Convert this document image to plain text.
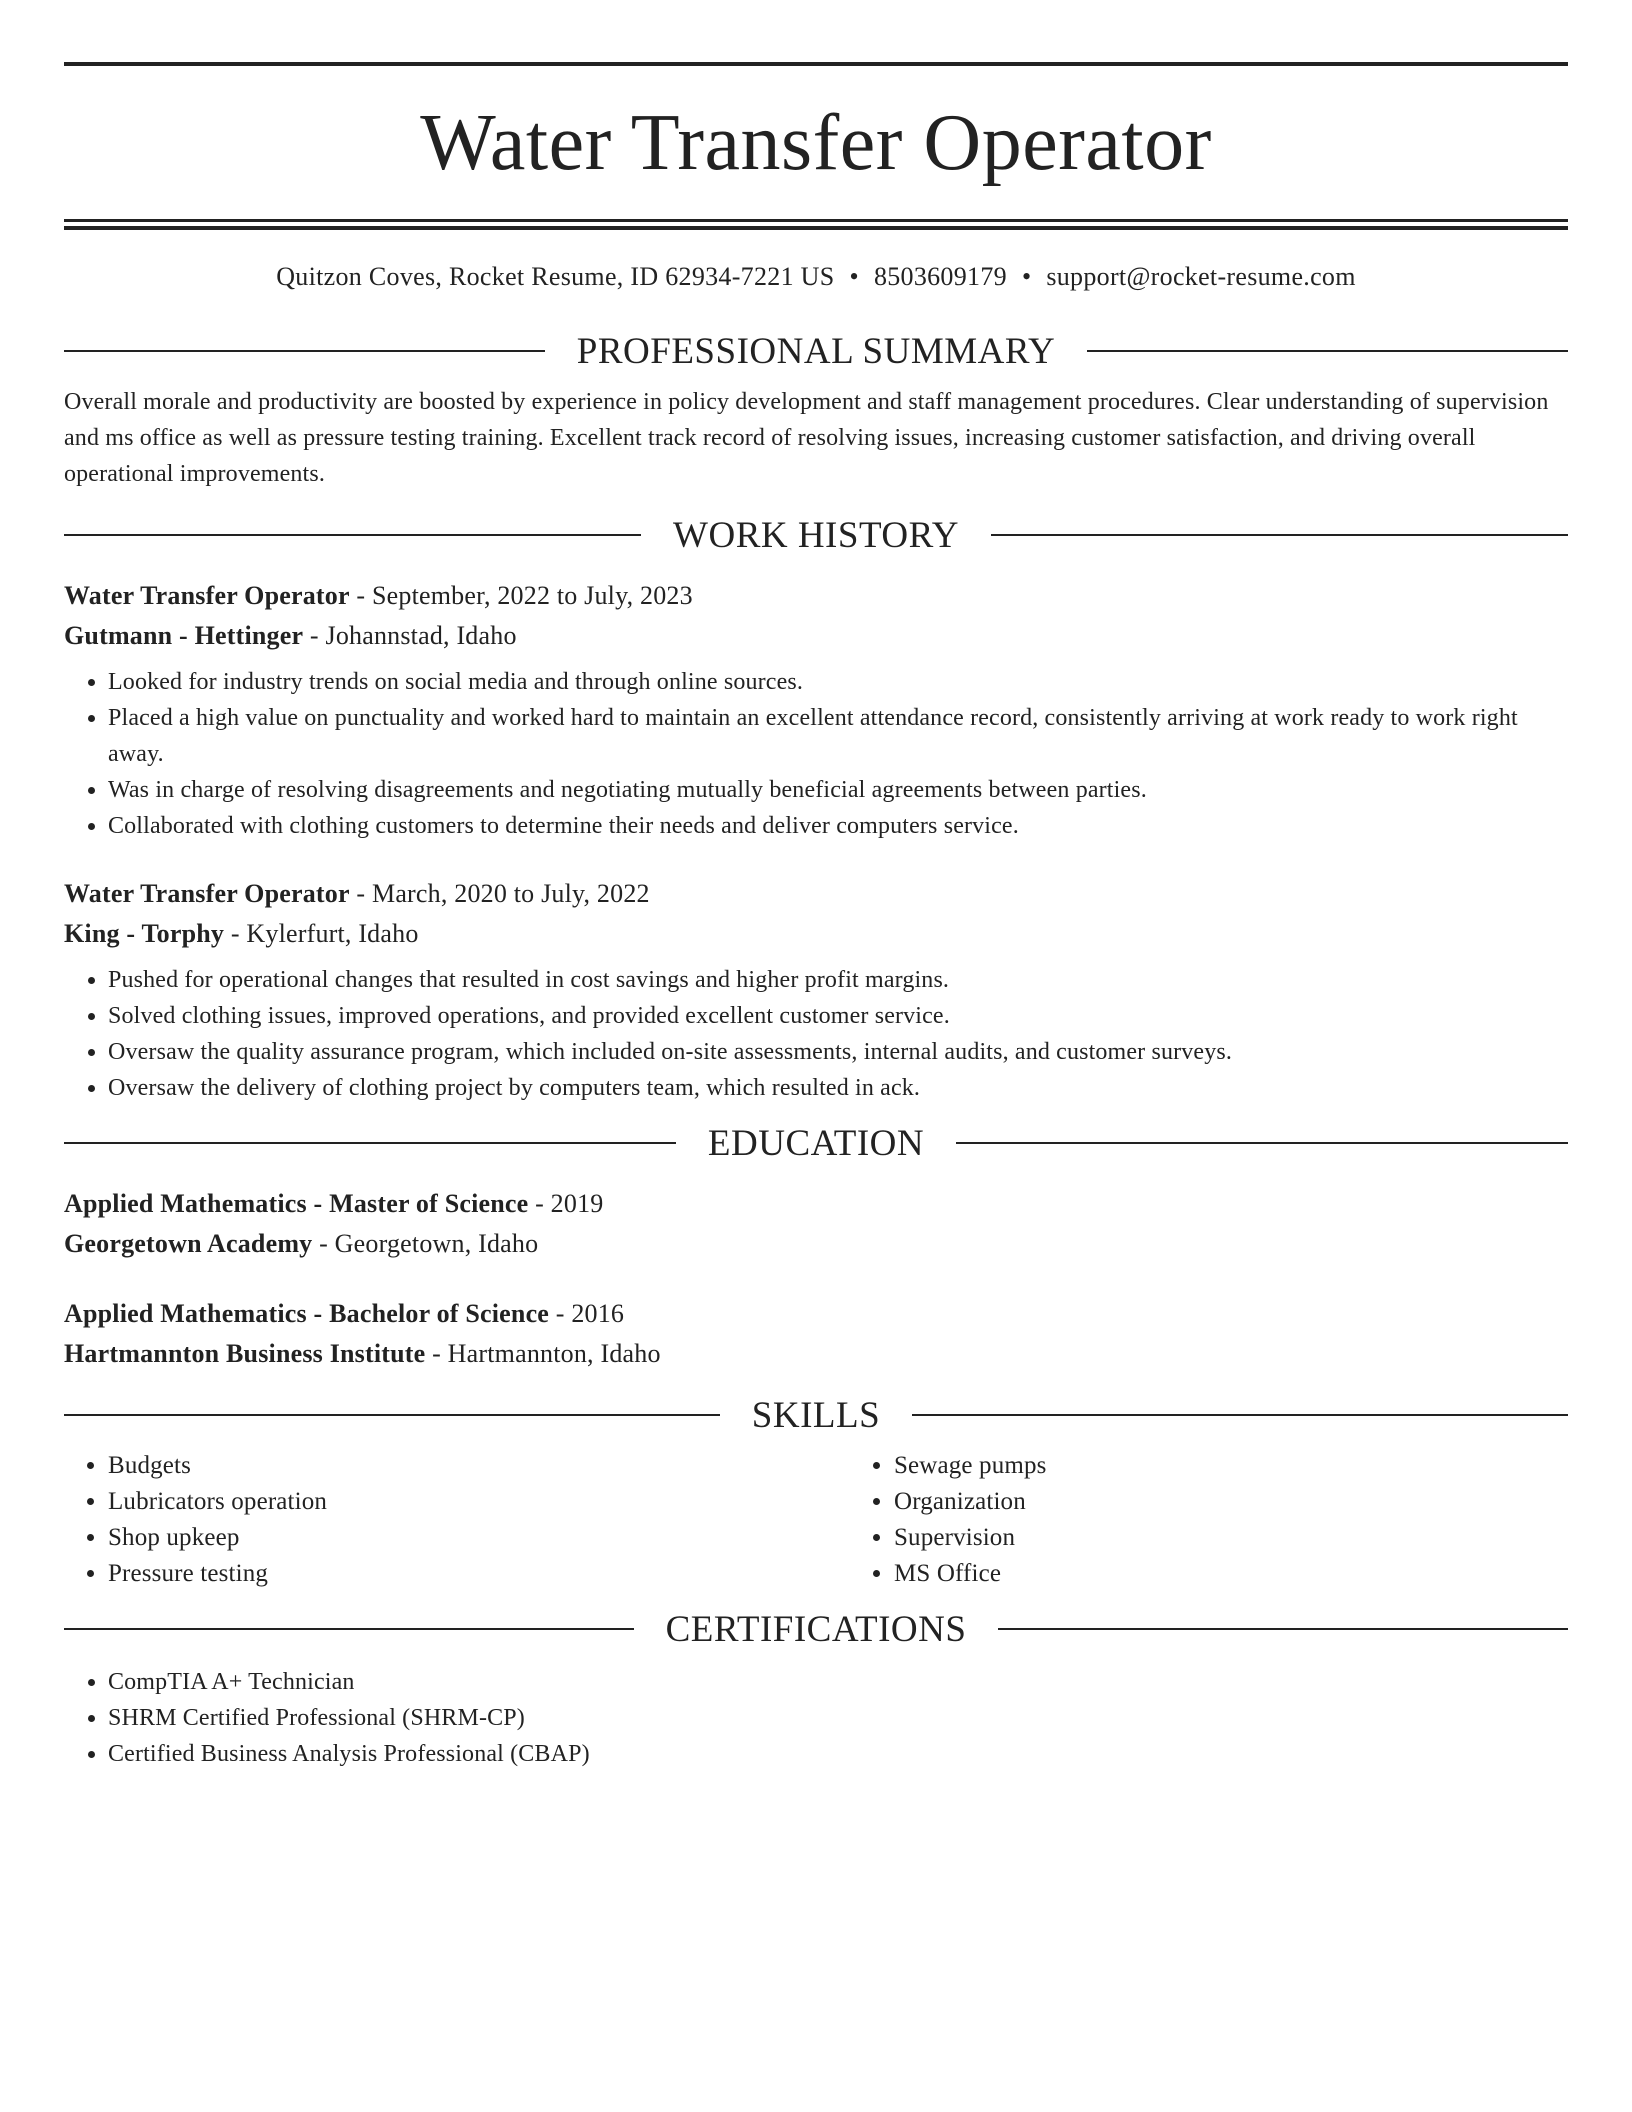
Water Transfer Operator
Quitzon Coves, Rocket Resume, ID 62934-7221 US • 8503609179 • support@rocket-resume.com
PROFESSIONAL SUMMARY

Overall morale and productivity are boosted by experience in policy development and staff management procedures. Clear understanding of supervision and ms office as well as pressure testing training. Excellent track record of resolving issues, increasing customer satisfaction, and driving overall operational improvements.

WORK HISTORY
Water Transfer Operator - September, 2022 to July, 2023
Gutmann - Hettinger - Johannstad, Idaho
• Looked for industry trends on social media and through online sources.
• Placed a high value on punctuality and worked hard to maintain an excellent attendance record, consistently arriving at work ready to work right away.
• Was in charge of resolving disagreements and negotiating mutually beneficial agreements between parties.
• Collaborated with clothing customers to determine their needs and deliver computers service.
Water Transfer Operator - March, 2020 to July, 2022
King - Torphy - Kylerfurt, Idaho
• Pushed for operational changes that resulted in cost savings and higher profit margins.
• Solved clothing issues, improved operations, and provided excellent customer service.
• Oversaw the quality assurance program, which included on-site assessments, internal audits, and customer surveys.
• Oversaw the delivery of clothing project by computers team, which resulted in ack.
EDUCATION
Applied Mathematics - Master of Science - 2019
Georgetown Academy - Georgetown, Idaho
Applied Mathematics - Bachelor of Science - 2016
Hartmannton Business Institute - Hartmannton, Idaho
SKILLS
• Budgets
• Lubricators operation
• Shop upkeep
• Pressure testing
• Sewage pumps
• Organization
• Supervision
• MS Office
CERTIFICATIONS
• CompTIA A+ Technician
• SHRM Certified Professional (SHRM-CP)
• Certified Business Analysis Professional (CBAP)
